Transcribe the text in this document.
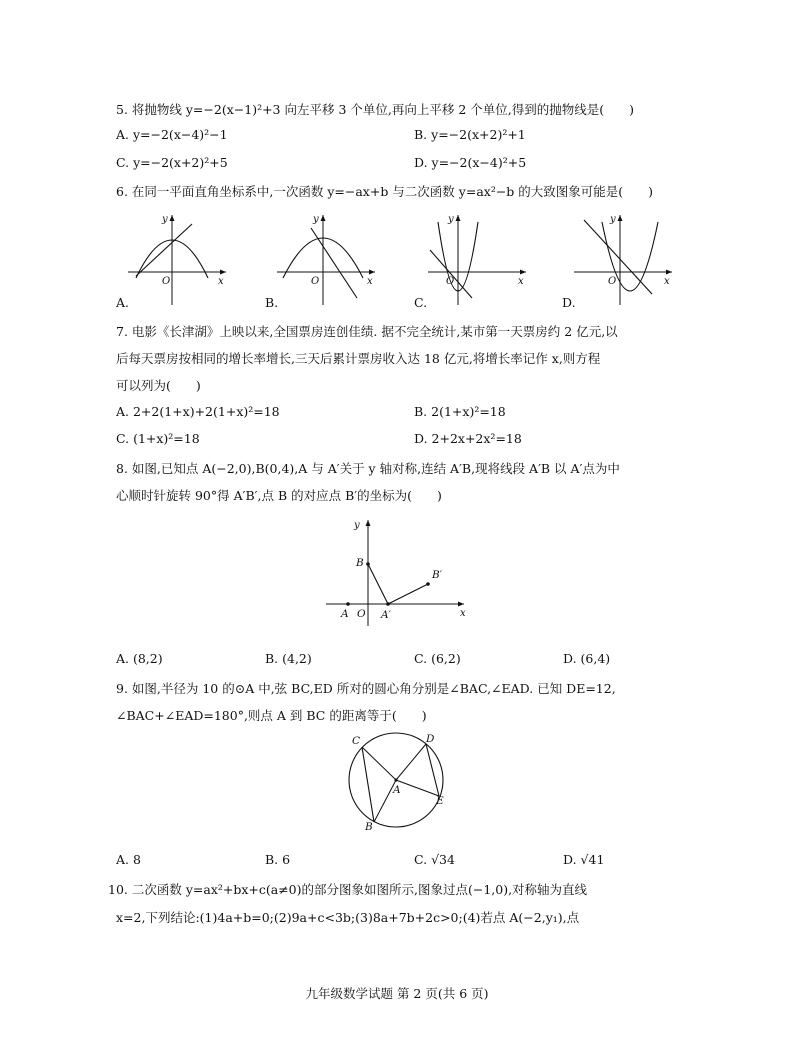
5. 将抛物线 y=−2(x−1)²+3 向左平移 3 个单位,再向上平移 2 个单位,得到的抛物线是(　　)
A. y=−2(x−4)²−1	B. y=−2(x+2)²+1
C. y=−2(x+2)²+5	D. y=−2(x−4)²+5
6. 在同一平面直角坐标系中,一次函数 y=−ax+b 与二次函数 y=ax²−b 的大致图象可能是(　　)
O	x
y
A.
O	x
y
B.
O	x
y
C.
O	x
y
D.
7. 电影《长津湖》上映以来,全国票房连创佳绩. 据不完全统计,某市第一天票房约 2 亿元,以
后每天票房按相同的增长率增长,三天后累计票房收入达 18 亿元,将增长率记作 x,则方程
可以列为(　　)
A. 2+2(1+x)+2(1+x)²=18	B. 2(1+x)²=18
C. (1+x)²=18	D. 2+2x+2x²=18
8. 如图,已知点 A(−2,0),B(0,4),A 与 A′关于 y 轴对称,连结 A′B,现将线段 A′B 以 A′点为中
心顺时针旋转 90°得 A′B′,点 B 的对应点 B′的坐标为(　　)
y
x
B
B′
A O A′
A. (8,2)	B. (4,2)	C. (6,2)	D. (6,4)
9. 如图,半径为 10 的⊙A 中,弦 BC,ED 所对的圆心角分别是∠BAC,∠EAD. 已知 DE=12,
∠BAC+∠EAD=180°,则点 A 到 BC 的距离等于(　　)
C	D
A
E
B
A. 8	B. 6	C. √34	D. √41
10. 二次函数 y=ax²+bx+c(a≠0)的部分图象如图所示,图象过点(−1,0),对称轴为直线
x=2,下列结论:(1)4a+b=0;(2)9a+c<3b;(3)8a+7b+2c>0;(4)若点 A(−2,y₁),点
九年级数学试题 第 2 页(共 6 页)
